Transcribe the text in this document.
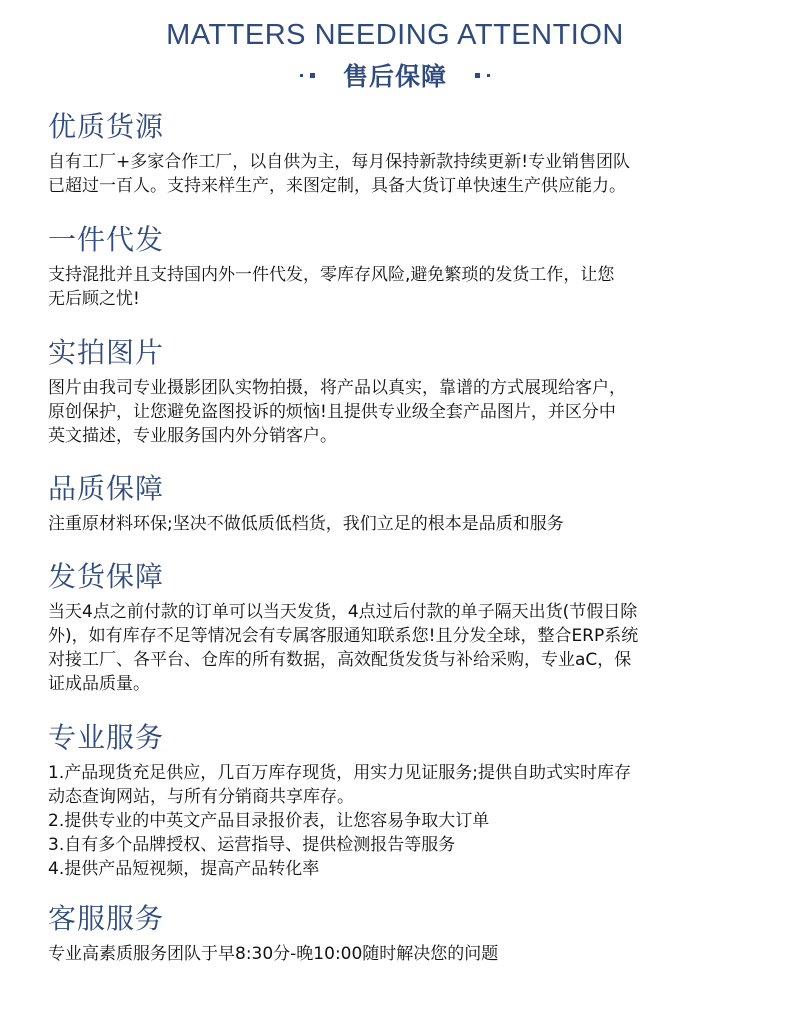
MATTERS NEEDING ATTENTION
售后保障
优质货源
自有工厂+多家合作工厂，以自供为主，每月保持新款持续更新!专业销售团队
已超过一百人。支持来样生产，来图定制，具备大货订单快速生产供应能力。
一件代发
支持混批并且支持国内外一件代发，零库存风险,避免繁琐的发货工作，让您
无后顾之忧!
实拍图片
图片由我司专业摄影团队实物拍摄，将产品以真实，靠谱的方式展现给客户，
原创保护，让您避免盗图投诉的烦恼!且提供专业级全套产品图片，并区分中
英文描述，专业服务国内外分销客户。
品质保障
注重原材料环保;坚决不做低质低档货，我们立足的根本是品质和服务
发货保障
当天4点之前付款的订单可以当天发货，4点过后付款的单子隔天出货(节假日除
外)，如有库存不足等情况会有专属客服通知联系您!且分发全球，整合ERP系统
对接工厂、各平台、仓库的所有数据，高效配货发货与补给采购，专业aC，保
证成品质量。
专业服务
1.产品现货充足供应，几百万库存现货，用实力见证服务;提供自助式实时库存
动态查询网站，与所有分销商共享库存。
2.提供专业的中英文产品目录报价表，让您容易争取大订单
3.自有多个品牌授权、运营指导、提供检测报告等服务
4.提供产品短视频，提高产品转化率
客服服务
专业高素质服务团队于早8:30分-晚10:00随时解决您的问题
